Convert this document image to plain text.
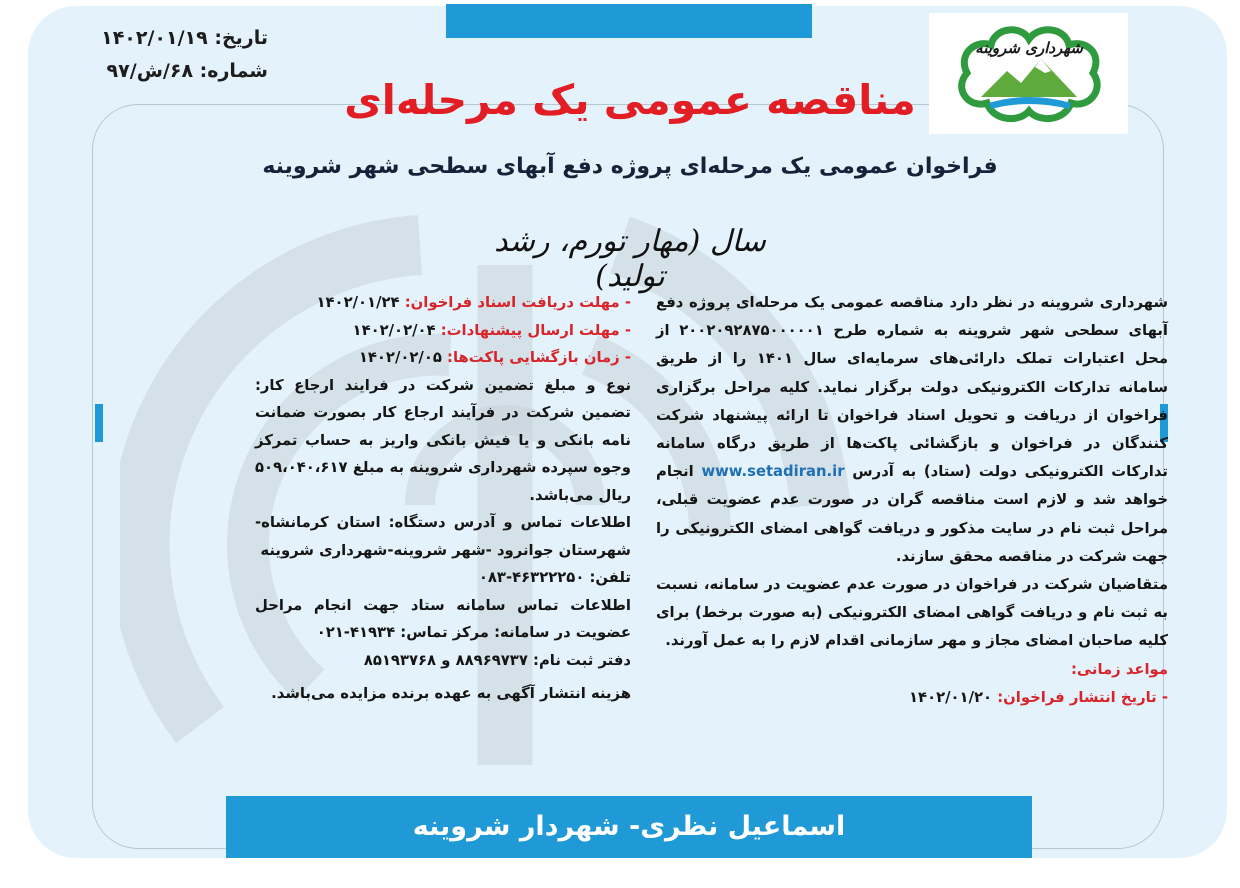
شهرداری شروینه
تاریخ: ۱۴۰۲/۰۱/۱۹
شماره: ۶۸/ش/۹۷
مناقصه عمومی یک مرحله‌ای
فراخوان عمومی یک مرحله‌ای پروژه دفع آبهای سطحی شهر شروینه
سال (مهار تورم، رشد تولید)

شهرداری شروینه در نظر دارد مناقصه عمومی یک مرحله‌ای پروژه دفع آبهای سطحی شهر شروینه به شماره طرح ۲۰۰۲۰۹۲۸۷۵۰۰۰۰۰۱ از محل اعتبارات تملک دارائی‌های سرمایه‌ای سال ۱۴۰۱ را از طریق سامانه تدارکات الکترونیکی دولت برگزار نماید. کلیه مراحل برگزاری فراخوان از دریافت و تحویل اسناد فراخوان تا ارائه پیشنهاد شرکت کنندگان در فراخوان و بازگشائی پاکت‌ها از طریق درگاه سامانه تدارکات الکترونیکی دولت (ستاد) به آدرس www.setadiran.ir انجام خواهد شد و لازم است مناقصه گران در صورت عدم عضویت قبلی، مراحل ثبت نام در سایت مذکور و دریافت گواهی امضای الکترونیکی را جهت شرکت در مناقصه محقق سازند.

متقاضیان شرکت در فراخوان در صورت عدم عضویت در سامانه، نسبت به ثبت نام و دریافت گواهی امضای الکترونیکی (به صورت برخط) برای کلیه صاحبان امضای مجاز و مهر سازمانی اقدام لازم را به عمل آورند.

مواعد زمانی:

- تاریخ انتشار فراخوان: ۱۴۰۲/۰۱/۲۰

- مهلت دریافت اسناد فراخوان: ۱۴۰۲/۰۱/۲۴

- مهلت ارسال پیشنهادات: ۱۴۰۲/۰۲/۰۴

- زمان بازگشایی پاکت‌ها: ۱۴۰۲/۰۲/۰۵

نوع و مبلغ تضمین شرکت در فرایند ارجاع کار: تضمین شرکت در فرآیند ارجاع کار بصورت ضمانت نامه بانکی و یا فیش بانکی واریز به حساب تمرکز وجوه سپرده شهرداری شروینه به مبلغ ۵۰۹،۰۴۰،۶۱۷ ریال می‌باشد.

اطلاعات تماس و آدرس دستگاه: استان کرمانشاه-شهرستان جوانرود -شهر شروینه-شهرداری شروینه

تلفن: ۴۶۳۲۲۲۵۰-۰۸۳

اطلاعات تماس سامانه ستاد جهت انجام مراحل عضویت در سامانه: مرکز تماس: ۴۱۹۳۴-۰۲۱

دفتر ثبت نام: ۸۸۹۶۹۷۳۷ و ۸۵۱۹۳۷۶۸

هزینه انتشار آگهی به عهده برنده مزایده می‌باشد.

اسماعیل نظری- شهردار شروینه
